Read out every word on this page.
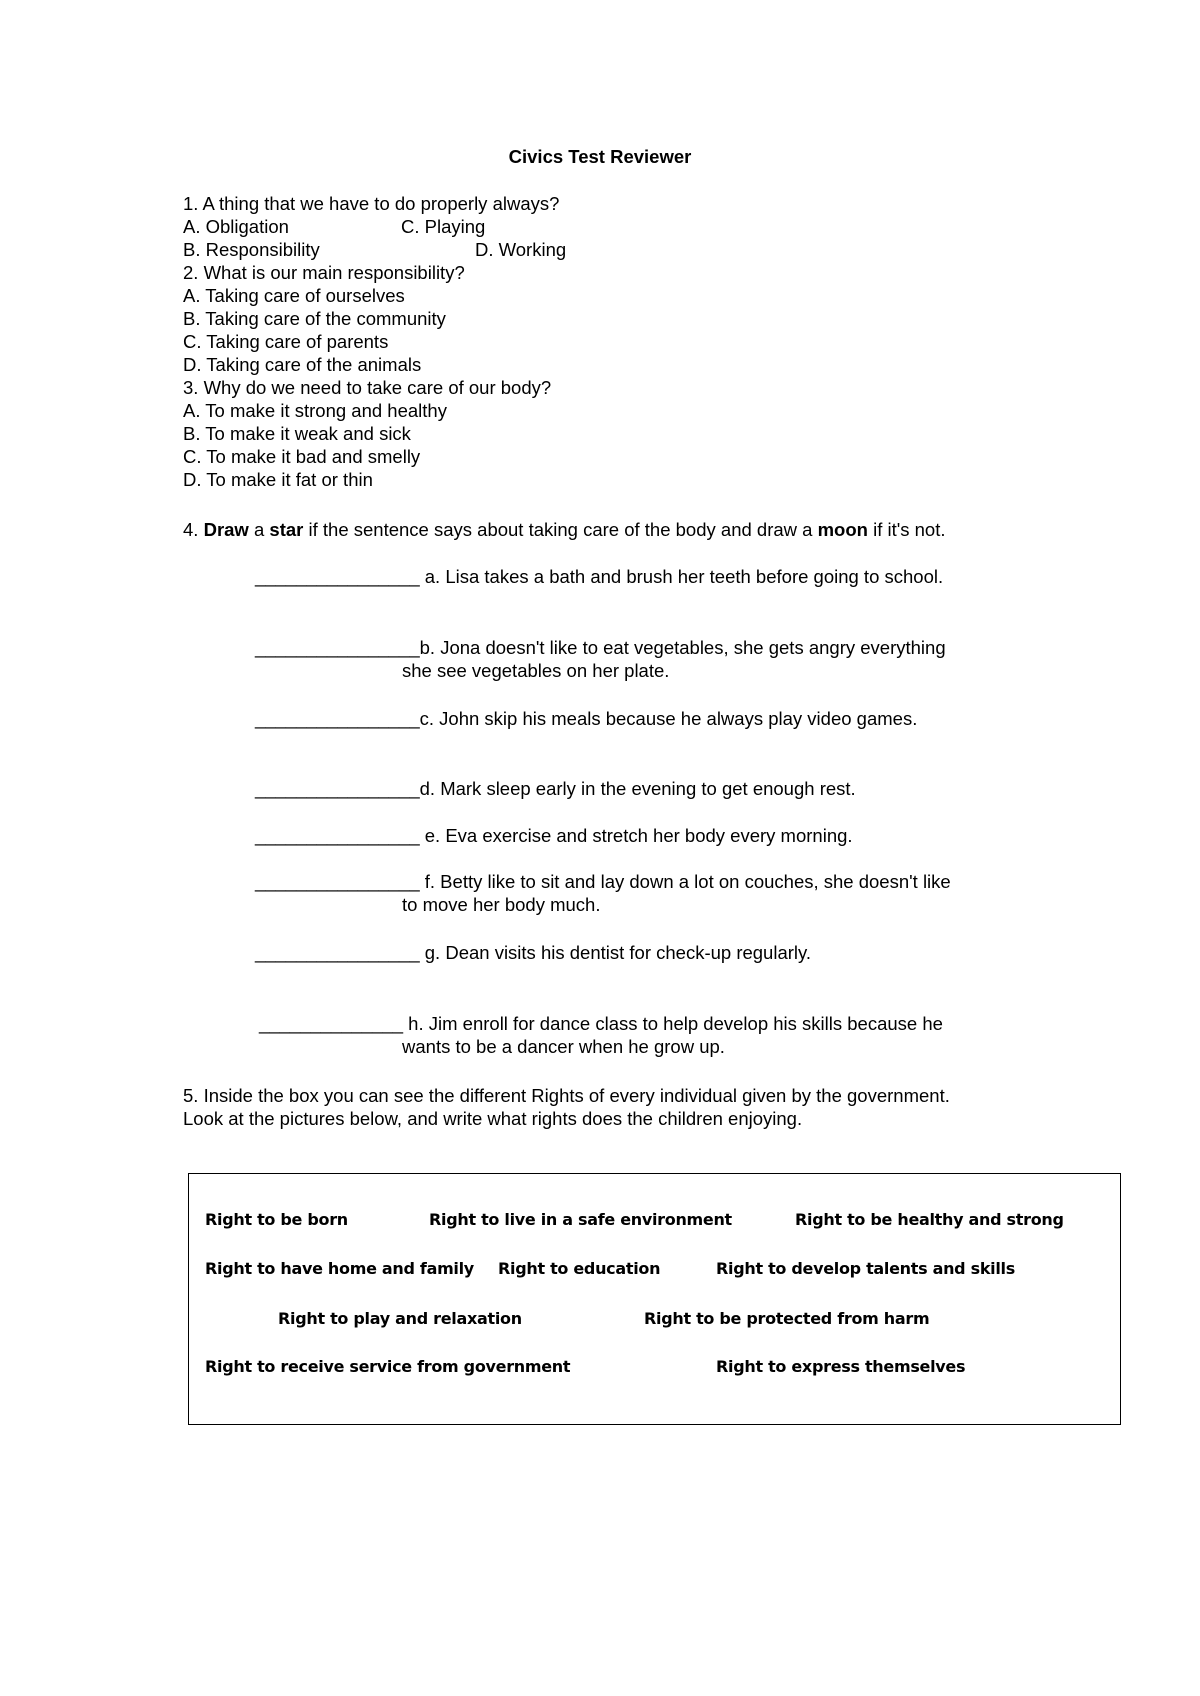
Civics Test Reviewer
1. A thing that we have to do properly always?
A. Obligation	C. Playing
B. Responsibility	D. Working
2. What is our main responsibility?
A. Taking care of ourselves
B. Taking care of the community
C. Taking care of parents
D. Taking care of the animals
3. Why do we need to take care of our body?
A. To make it strong and healthy
B. To make it weak and sick
C. To make it bad and smelly
D. To make it fat or thin
4. Draw a star if the sentence says about taking care of the body and draw a moon if it's not.
________________ a. Lisa takes a bath and brush her teeth before going to school.
________________b. Jona doesn't like to eat vegetables, she gets angry everything
she see vegetables on her plate.
________________c. John skip his meals because he always play video games.
________________d. Mark sleep early in the evening to get enough rest.
________________ e. Eva exercise and stretch her body every morning.
________________ f. Betty like to sit and lay down a lot on couches, she doesn't like
to move her body much.
________________ g. Dean visits his dentist for check-up regularly.
______________ h. Jim enroll for dance class to help develop his skills because he
wants to be a dancer when he grow up.
5. Inside the box you can see the different Rights of every individual given by the government.
Look at the pictures below, and write what rights does the children enjoying.
Right to be born	Right to live in a safe environment	Right to be healthy and strong
Right to have home and family Right to education	Right to develop talents and skills
Right to play and relaxation	Right to be protected from harm
Right to receive service from government	Right to express themselves
